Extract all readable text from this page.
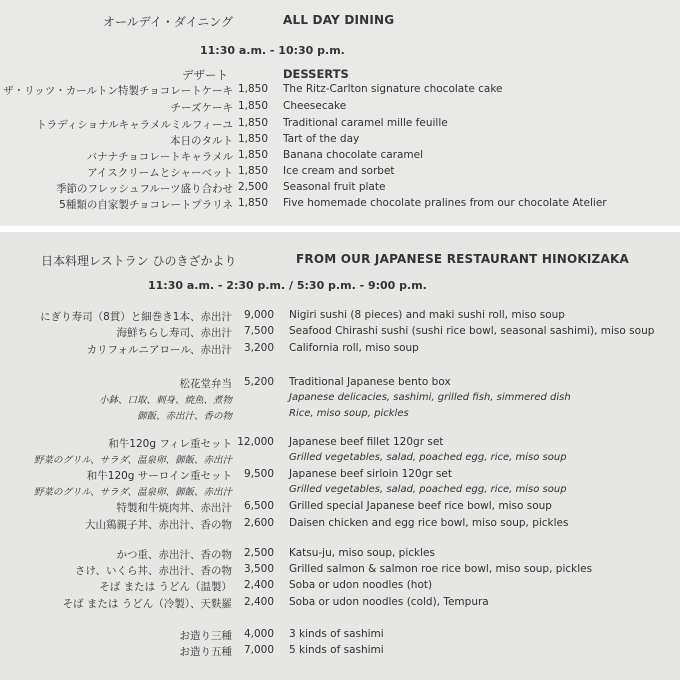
オールデイ・ダイニング	ALL DAY DINING
11:30 a.m. - 10:30 p.m.
デザート	DESSERTS
ザ・リッツ・カールトン特製チョコレートケーキ 1,850 The Ritz-Carlton signature chocolate cake
チーズケーキ 1,850 Cheesecake
トラディショナルキャラメルミルフィーユ 1,850 Traditional caramel mille feuille
本日のタルト 1,850 Tart of the day
バナナチョコレートキャラメル 1,850 Banana chocolate caramel
アイスクリームとシャーベット 1,850 Ice cream and sorbet
季節のフレッシュフルーツ盛り合わせ 2,500 Seasonal fruit plate
5種類の自家製チョコレートプラリネ 1,850 Five homemade chocolate pralines from our chocolate Atelier
日本料理レストラン ひのきざかより	FROM OUR JAPANESE RESTAURANT HINOKIZAKA
11:30 a.m. - 2:30 p.m. / 5:30 p.m. - 9:00 p.m.
にぎり寿司（8貫）と細巻き1本、赤出汁	9,000 Nigiri sushi (8 pieces) and maki sushi roll, miso soup
海鮮ちらし寿司、赤出汁	7,500 Seafood Chirashi sushi (sushi rice bowl, seasonal sashimi), miso soup
カリフォルニアロール、赤出汁	3,200 California roll, miso soup
松花堂弁当	5,200 Traditional Japanese bento box
小鉢、口取、刺身、焼魚、煮物	Japanese delicacies, sashimi, grilled fish, simmered dish
御飯、赤出汁、香の物	Rice, miso soup, pickles
和牛120g フィレ重セット 12,000 Japanese beef fillet 120gr set
野菜のグリル、サラダ、温泉卵、御飯、赤出汁	Grilled vegetables, salad, poached egg, rice, miso soup
和牛120g サーロイン重セット	9,500 Japanese beef sirloin 120gr set
野菜のグリル、サラダ、温泉卵、御飯、赤出汁	Grilled vegetables, salad, poached egg, rice, miso soup
特製和牛焼肉丼、赤出汁	6,500 Grilled special Japanese beef rice bowl, miso soup
大山鶏親子丼、赤出汁、香の物	2,600 Daisen chicken and egg rice bowl, miso soup, pickles
かつ重、赤出汁、香の物	2,500 Katsu-ju, miso soup, pickles
さけ、いくら丼、赤出汁、香の物	3,500 Grilled salmon & salmon roe rice bowl, miso soup, pickles
そば または うどん（温製）	2,400 Soba or udon noodles (hot)
そば または うどん（冷製）、天麩羅	2,400 Soba or udon noodles (cold), Tempura
お造り三種	4,000 3 kinds of sashimi
お造り五種	7,000 5 kinds of sashimi
